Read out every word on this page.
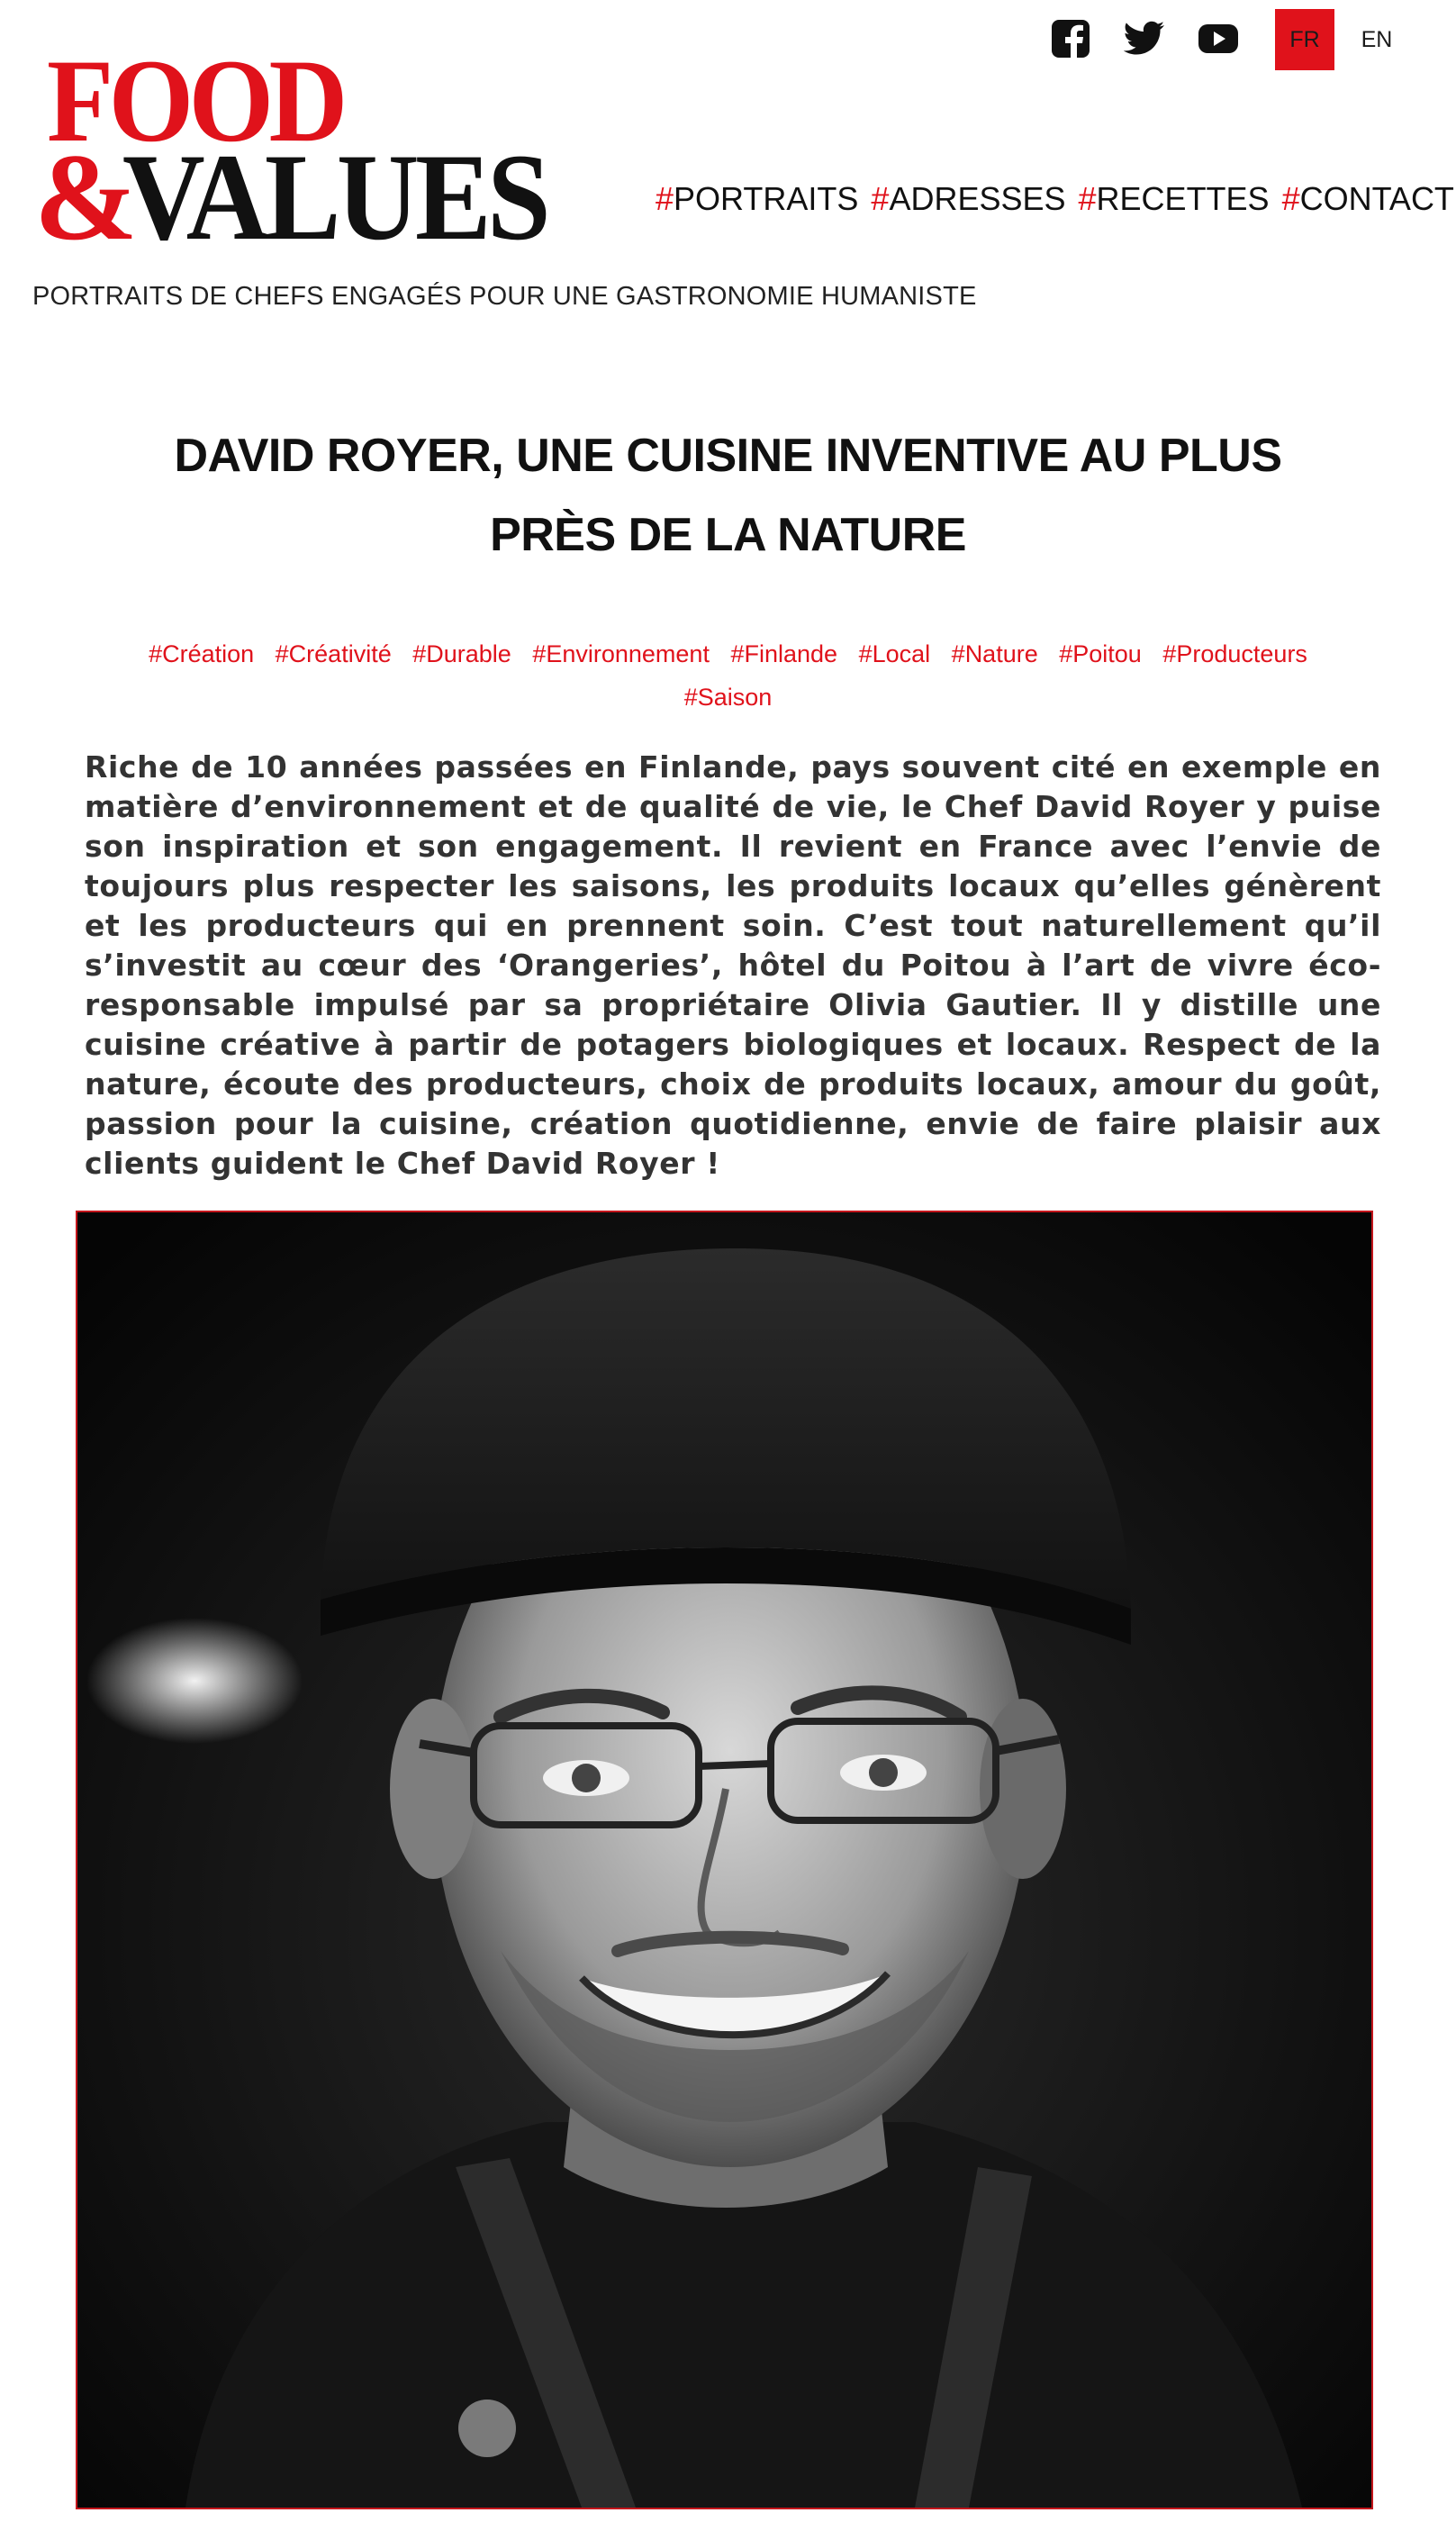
FOOD
&
VALUES
PORTRAITS DE CHEFS ENGAGÉS POUR UNE GASTRONOMIE HUMANISTE
FR	EN
#PORTRAITS #ADRESSES #RECETTES #CONTACT
DAVID ROYER, UNE CUISINE INVENTIVE AU PLUS
PRÈS DE LA NATURE
#Création #Créativité #Durable #Environnement #Finlande #Local #Nature #Poitou #Producteurs
#Saison

Riche de 10 années passées en Finlande, pays souvent cité en exemple en matière d’environnement et de qualité de vie, le Chef David Royer y puise son inspiration et son engagement. Il revient en France avec l’envie de toujours plus respecter les saisons, les produits locaux qu’elles génèrent et les producteurs qui en prennent soin. C’est tout naturellement qu’il s’investit au cœur des ‘Orangeries’, hôtel du Poitou à l’art de vivre éco-responsable impulsé par sa propriétaire Olivia Gautier. Il y distille une cuisine créative à partir de potagers biologiques et locaux. Respect de la nature, écoute des producteurs, choix de produits locaux, amour du goût, passion pour la cuisine, création quotidienne, envie de faire plaisir aux clients guident le Chef David Royer !
